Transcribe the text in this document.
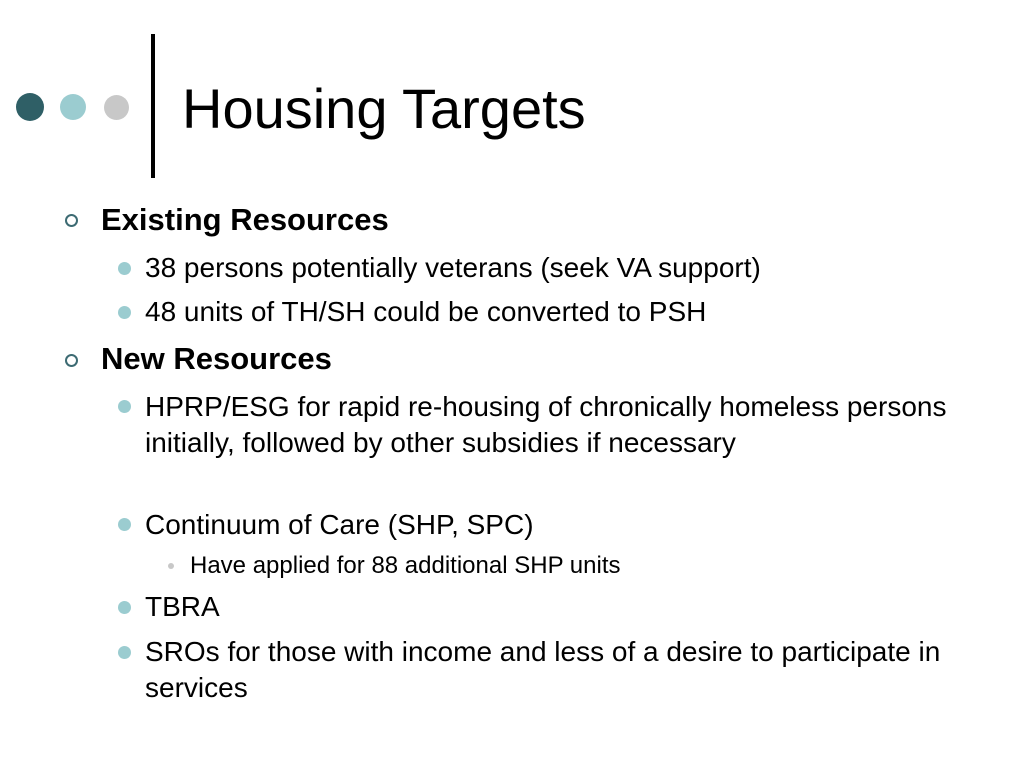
Housing Targets
Existing Resources
38 persons potentially veterans (seek VA support)
48 units of TH/SH could be converted to PSH
New Resources
HPRP/ESG for rapid re-housing of chronically homeless persons initially, followed by other subsidies if necessary
Continuum of Care (SHP, SPC)
Have applied for 88 additional SHP units
TBRA
SROs for those with income and less of a desire to participate in services
